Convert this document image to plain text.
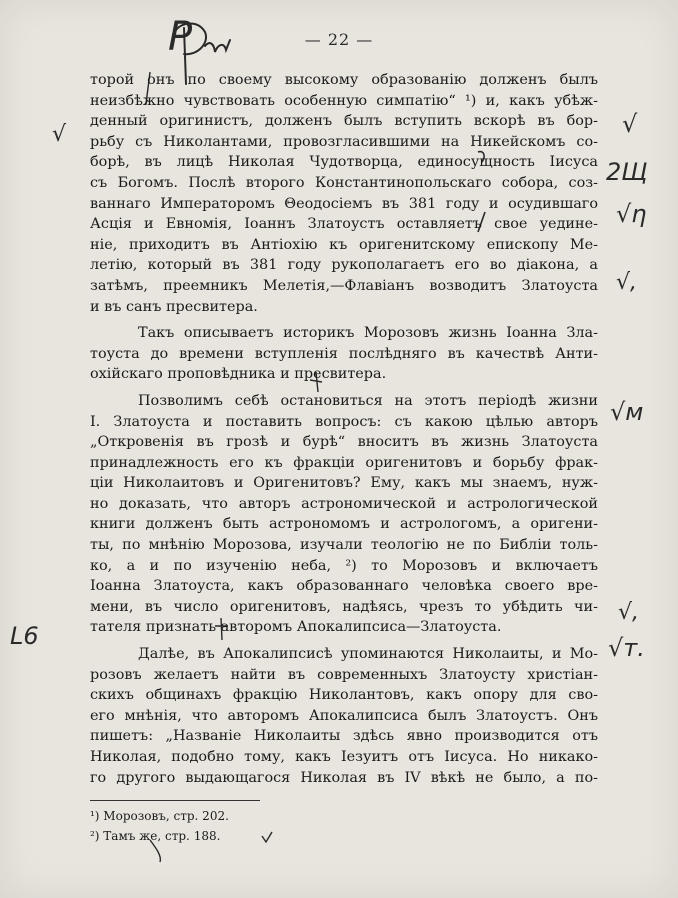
— 22 —

торой онъ по своему высокому образованію долженъ былъ
неизбѣжно чувствовать особенную симпатію“ ¹) и, какъ убѣж-
денный оригинистъ, долженъ былъ вступить вскорѣ въ бор-
рьбу съ Николантами, провозгласившими на Никейскомъ со-
борѣ, въ лицѣ Николая Чудотворца, единосущность Іисуса
съ Богомъ. Послѣ второго Константинопольскаго собора, соз-
ваннаго Императоромъ Θеодосіемъ въ 381 году и осудившаго
Асція и Евномія, Іоаннъ Златоустъ оставляетъ свое уедине-
ніе, приходитъ въ Антіохію къ оригенитскому епископу Ме-
летію, который въ 381 году рукополагаетъ его во діакона, а
затѣмъ, преемникъ Мелетія,—Флавіанъ возводитъ Златоуста
и въ санъ пресвитера.

Такъ описываетъ историкъ Морозовъ жизнь Іоанна Зла-
тоуста до времени вступленія послѣдняго въ качествѣ Анти-
охійскаго проповѣдника и пресвитера.

Позволимъ себѣ остановиться на этотъ періодѣ жизни
І. Златоуста и поставить вопросъ: съ какою цѣлью авторъ
„Откровенія въ грозѣ и бурѣ“ вноситъ въ жизнь Златоуста
принадлежность его къ фракціи оригенитовъ и борьбу фрак-
ціи Николаитовъ и Оригенитовъ? Ему, какъ мы знаемъ, нуж-
но доказать, что авторъ астрономической и астрологической
книги долженъ быть астрономомъ и астрологомъ, а оригени-
ты, по мнѣнію Морозова, изучали теологію не по Библіи толь-
ко, а и по изученію неба, ²) то Морозовъ и включаетъ
Іоанна Златоуста, какъ образованнаго человѣка своего вре-
мени, въ число оригенитовъ, надѣясь, чрезъ то убѣдить чи-
тателя признать авторомъ Апокалипсиса—Златоуста.

Далѣе, въ Апокалипсисѣ упоминаются Николаиты, и Мо-
розовъ желаетъ найти въ современныхъ Златоусту христіан-
скихъ общинахъ фракцію Николантовъ, какъ опору для сво-
его мнѣнія, что авторомъ Апокалипсиса былъ Златоустъ. Онъ
пишетъ: „Названіе Николаиты здѣсь явно производится отъ
Николая, подобно тому, какъ Іезуитъ отъ Іисуса. Но никако-
го другого выдающагося Николая въ IV вѣкѣ не было, а по-

¹) Морозовъ, стр. 202.
²) Тамъ же, стр. 188.
Р
√
2Щ
√η
√,
√м
√,
√т.
√
L6
